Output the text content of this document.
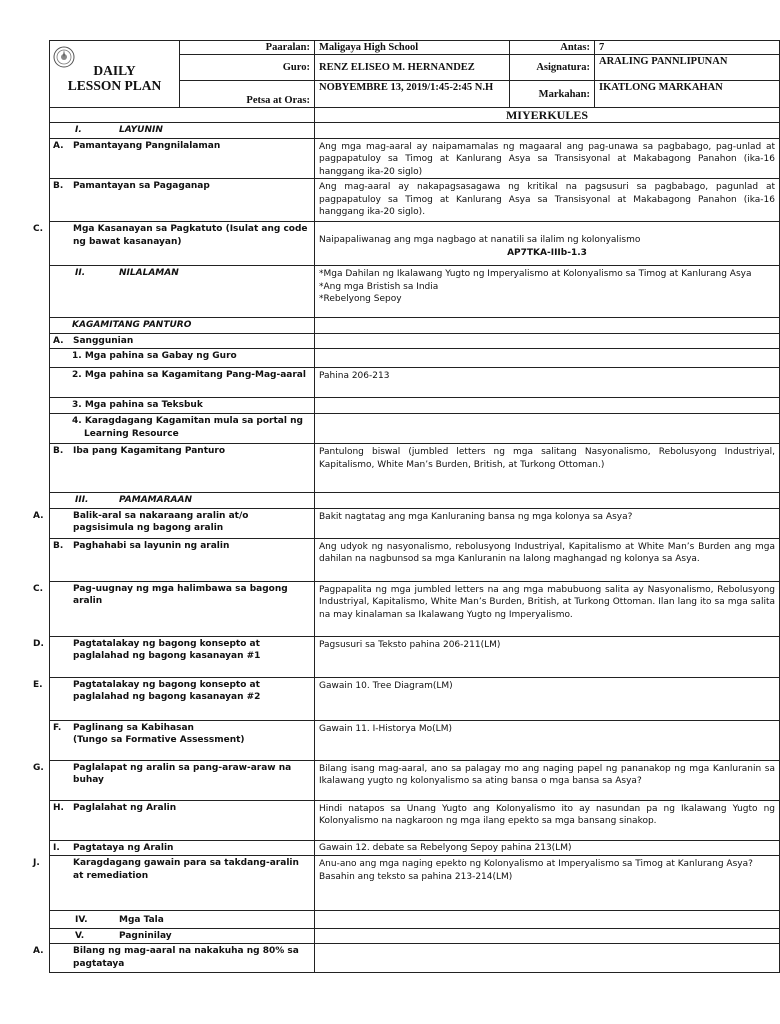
DAILY
LESSON PLAN	Paaralan:	Maligaya High School	Antas:	7
	Guro:	RENZ ELISEO M. HERNANDEZ	Asignatura:	ARALING PANNLIPUNAN
	Petsa at Oras:	NOBYEMBRE 13, 2019/1:45-2:45 N.H	Markahan:	IKATLONG MARKAHAN
	MIYERKULES
I. LAYUNIN	
A. Pamantayang Pangnilalaman	Ang mga mag-aaral ay naipamamalas ng magaaral ang pag-unawa sa pagbabago, pag-unlad at pagpapatuloy sa Timog at Kanlurang Asya sa Transisyonal at Makabagong Panahon (ika-16 hanggang ika-20 siglo)
B. Pamantayan sa Pagaganap	Ang mag-aaral ay nakapagsasagawa ng kritikal na pagsusuri sa pagbabago, pagunlad at pagpapatuloy sa Timog at Kanlurang Asya sa Transisyonal at Makabagong Panahon (ika-16 hanggang ika-20 siglo).

C. Mga Kasanayan sa Pagkatuto (Isulat ang code ng bawat kasanayan)	Naipapaliwanag ang mga nagbago at nanatili sa ilalim ng kolonyalismo
AP7TKA-IIIb-1.3

II. NILALAMAN	*Mga Dahilan ng Ikalawang Yugto ng Imperyalismo at Kolonyalismo sa Timog at Kanlurang Asya
*Ang mga Bristish sa India
*Rebelyong Sepoy

KAGAMITANG PANTURO	
A. Sanggunian	
1. Mga pahina sa Gabay ng Guro	
2. Mga pahina sa Kagamitang Pang-Mag-aaral	Pahina 206-213
3. Mga pahina sa Teksbuk	
4. Karagdagang Kagamitan mula sa portal ng Learning Resource	
B. Iba pang Kagamitang Panturo	Pantulong biswal (jumbled letters ng mga salitang Nasyonalismo, Rebolusyong Industriyal, Kapitalismo, White Man’s Burden, British, at Turkong Ottoman.)
III. PAMAMARAAN	

A. Balik-aral sa nakaraang aralin at/o pagsisimula ng bagong aralin	Bakit nagtatag ang mga Kanluraning bansa ng mga kolonya sa Asya?
B. Paghahabi sa layunin ng aralin	Ang udyok ng nasyonalismo, rebolusyong Industriyal, Kapitalismo at White Man’s Burden ang mga dahilan na nagbunsod sa mga Kanluranin na lalong maghangad ng kolonya sa Asya.

C. Pag-uugnay ng mga halimbawa sa bagong aralin	Pagpapalita ng mga jumbled letters na ang mga mabubuong salita ay Nasyonalismo, Rebolusyong Industriyal, Kapitalismo, White Man’s Burden, British, at Turkong Ottoman. Ilan lang ito sa mga salita na may kinalaman sa Ikalawang Yugto ng Imperyalismo.

D. Pagtatalakay ng bagong konsepto at paglalahad ng bagong kasanayan #1	Pagsusuri sa Teksto pahina 206-211(LM)

E. Pagtatalakay ng bagong konsepto at paglalahad ng bagong kasanayan #2	Gawain 10. Tree Diagram(LM)

F. Paglinang sa Kabihasan
(Tungo sa Formative Assessment)	Gawain 11. I-Historya Mo(LM)

G. Paglalapat ng aralin sa pang-araw-araw na buhay	Bilang isang mag-aaral, ano sa palagay mo ang naging papel ng pananakop ng mga Kanluranin sa Ikalawang yugto ng kolonyalismo sa ating bansa o mga bansa sa Asya?
H. Paglalahat ng Aralin	Hindi natapos sa Unang Yugto ang Kolonyalismo ito ay nasundan pa ng Ikalawang Yugto ng Kolonyalismo na nagkaroon ng mga ilang epekto sa mga bansang sinakop.
I. Pagtataya ng Aralin	Gawain 12. debate sa Rebelyong Sepoy pahina 213(LM)

J. Karagdagang gawain para sa takdang-aralin at remediation	Anu-ano ang mga naging epekto ng Kolonyalismo at Imperyalismo sa Timog at Kanlurang Asya?
Basahin ang teksto sa pahina 213-214(LM)

IV. Mga Tala	
V. Pagninilay	

A. Bilang ng mag-aaral na nakakuha ng 80% sa pagtataya	
